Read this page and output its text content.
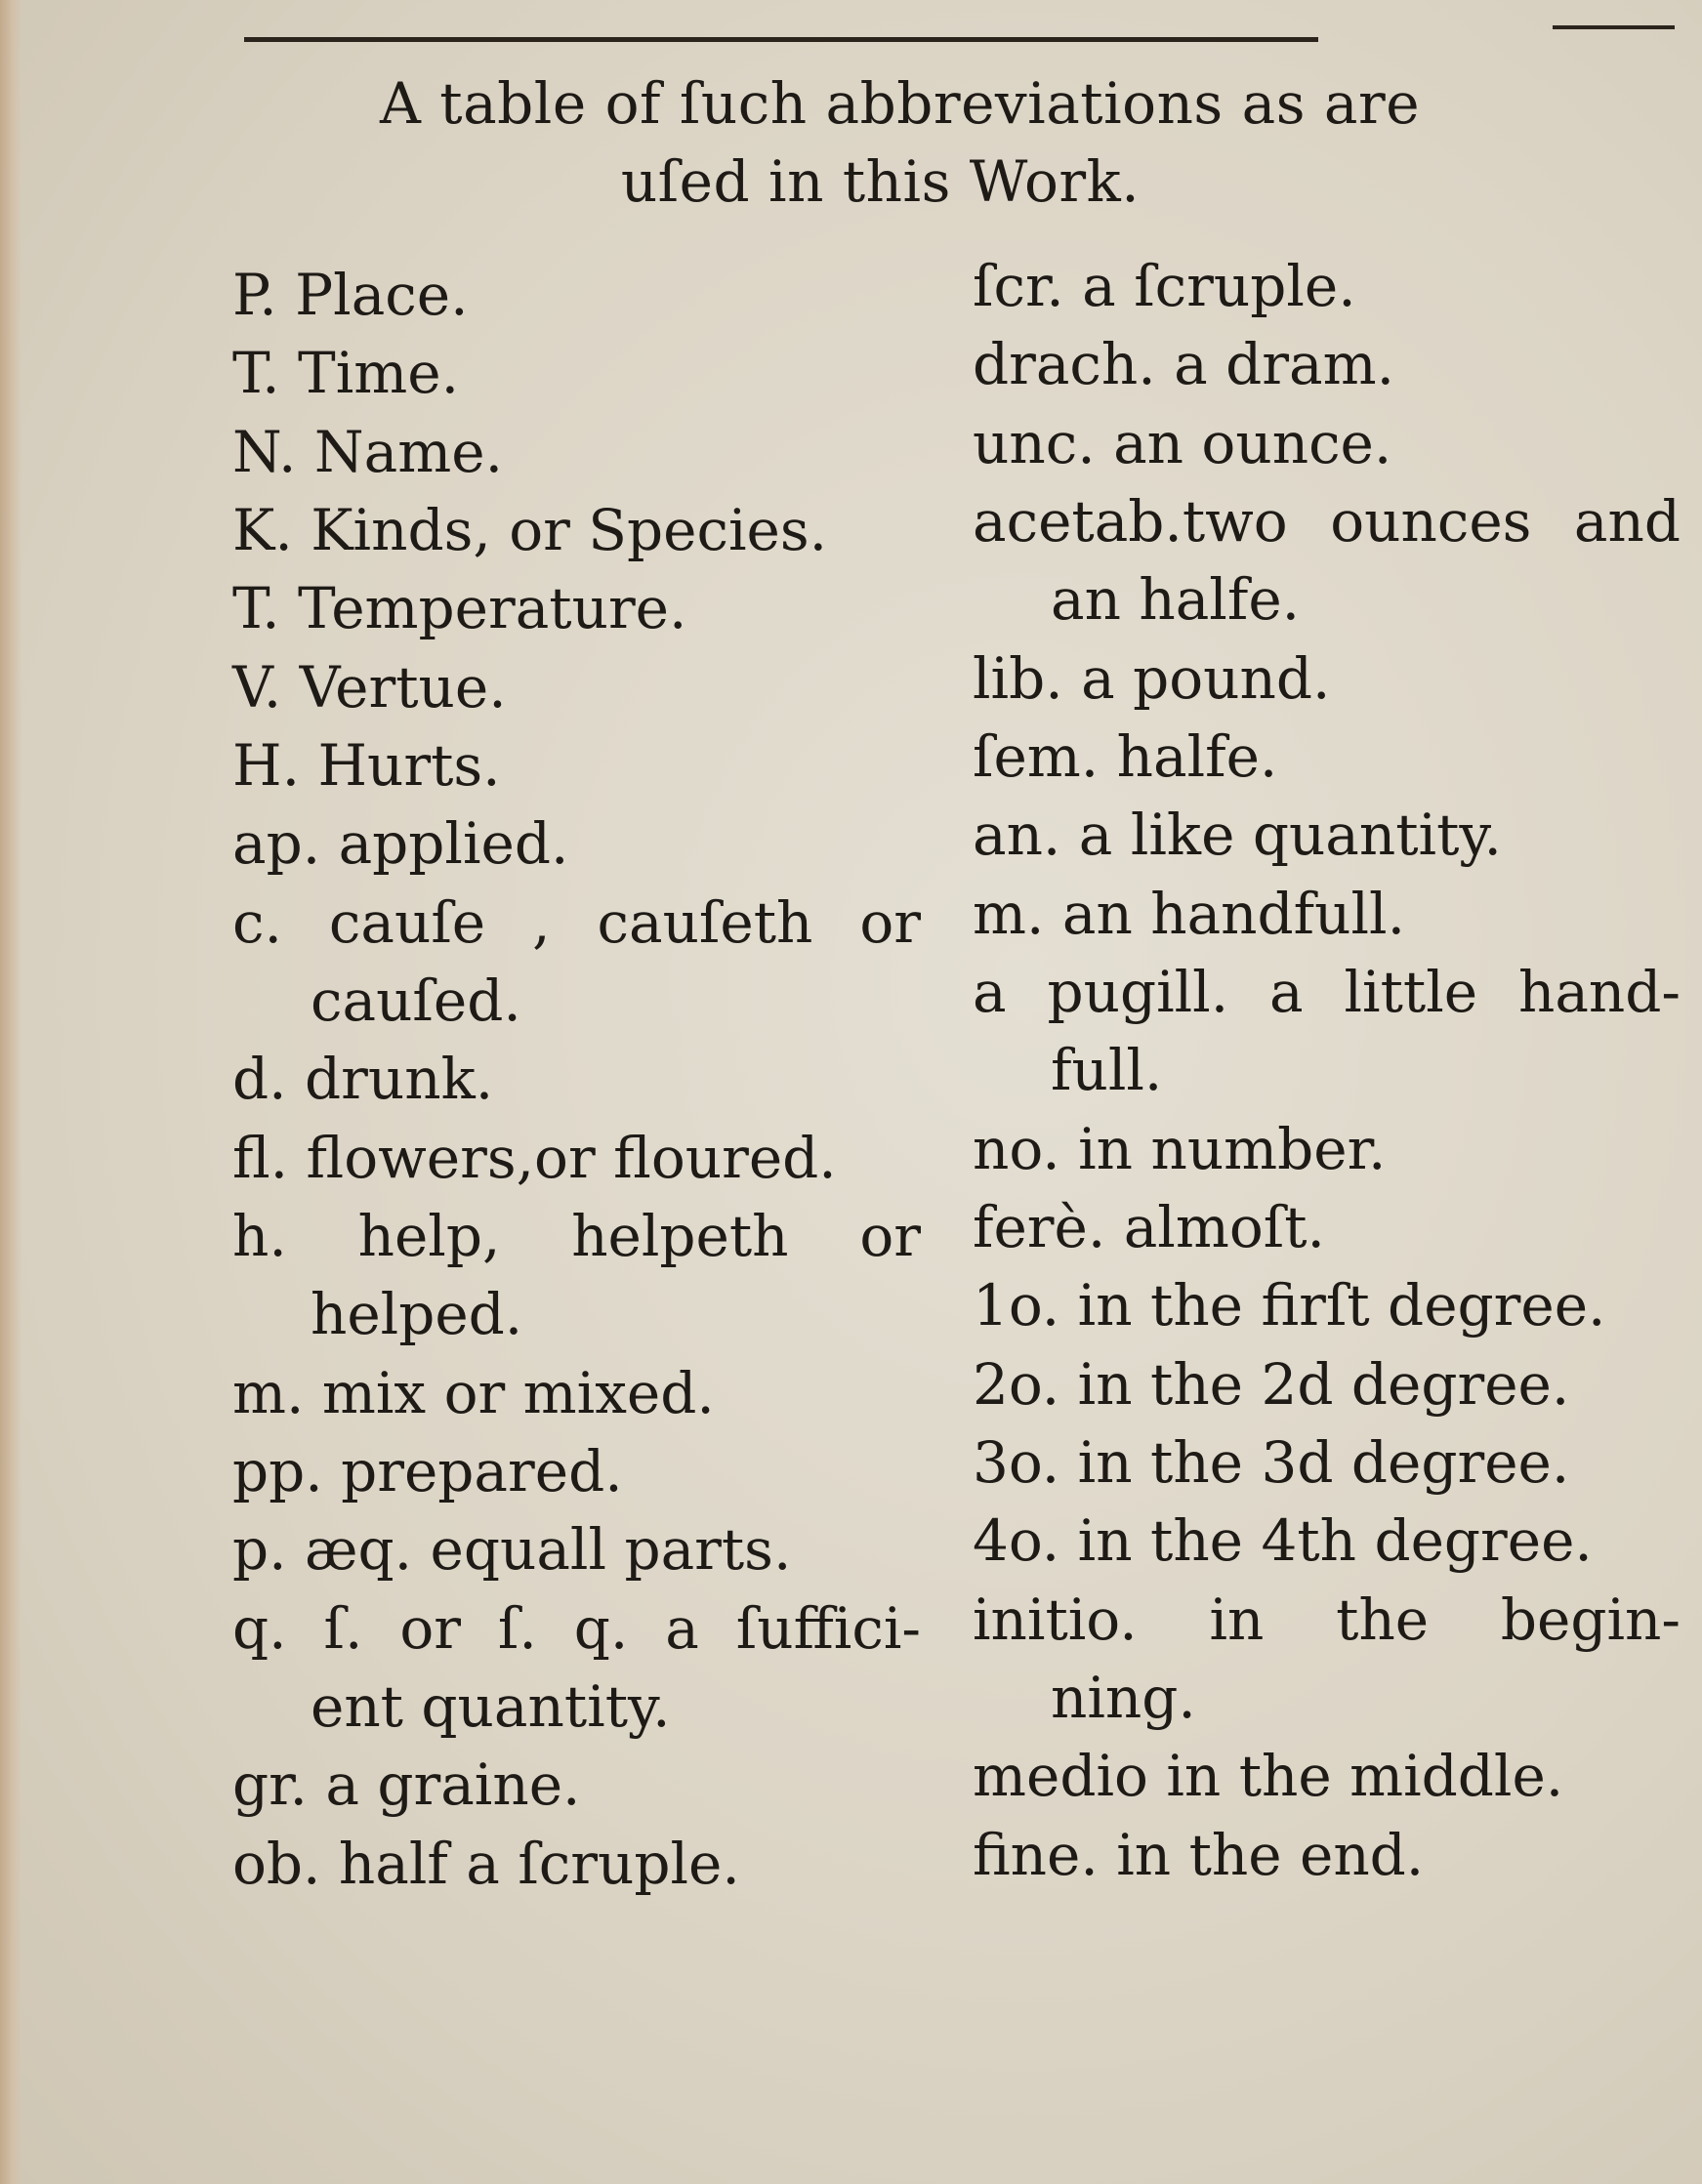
A table of ſuch abbreviations as are
uſed in this Work.
P. Place.
T. Time.
N. Name.
K. Kinds, or Species.
T. Temperature.
V. Vertue.
H. Hurts.
ap. applied.
c. cauſe , cauſeth or
cauſed.
d. drunk.
fl. flowers,or floured.
h. help, helpeth or
helped.
m. mix or mixed.
pp. prepared.
p. æq. equall parts.
q. ſ. or ſ. q. a ſuffici-
ent quantity.
gr. a graine.
ob. half a ſcruple.
ſcr. a ſcruple.
drach. a dram.
unc. an ounce.
acetab.two ounces and
an halfe.
lib. a pound.
ſem. halfe.
an. a like quantity.
m. an handfull.
a pugill. a little hand-
full.
no. in number.
ferè. almoſt.
1o. in the firſt degree.
2o. in the 2d degree.
3o. in the 3d degree.
4o. in the 4th degree.
initio. in the begin-
ning.
medio in the middle.
fine. in the end.
